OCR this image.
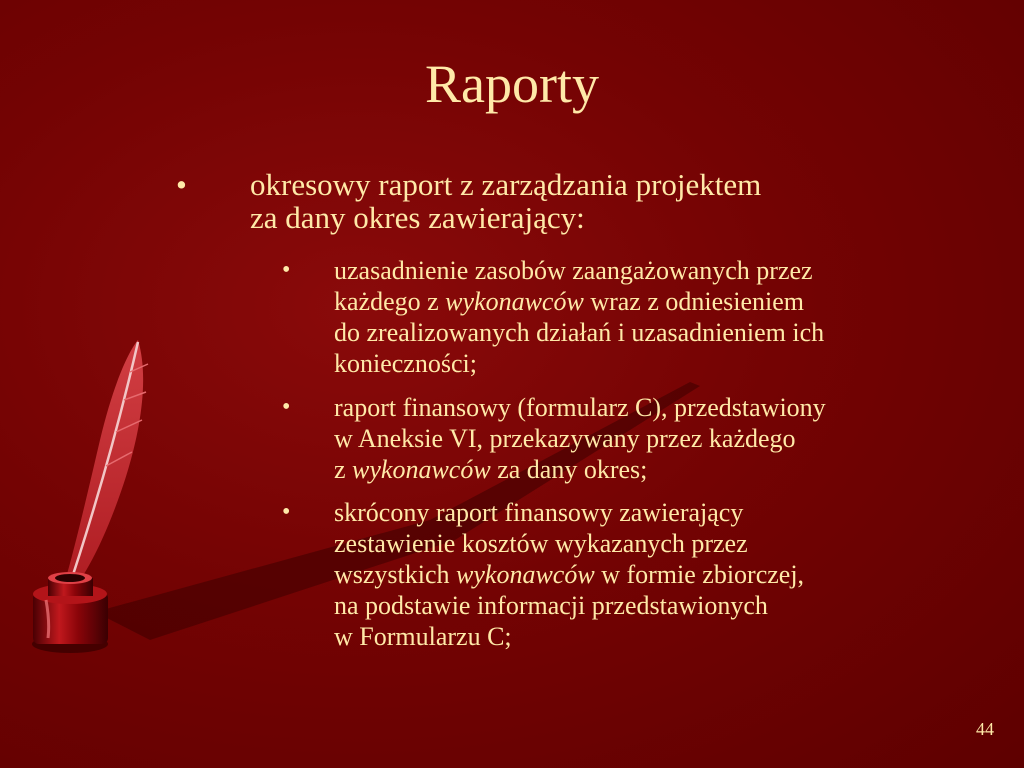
Raporty
• okresowy raport z zarządzania projektem
za dany okres zawierający:
• uzasadnienie zasobów zaangażowanych przez
każdego z wykonawców wraz z odniesieniem
do zrealizowanych działań i uzasadnieniem ich
konieczności;
• raport finansowy (formularz C), przedstawiony
w Aneksie VI, przekazywany przez każdego
z wykonawców za dany okres;
• skrócony raport finansowy zawierający
zestawienie kosztów wykazanych przez
wszystkich wykonawców w formie zbiorczej,
na podstawie informacji przedstawionych
w Formularzu C;
44
